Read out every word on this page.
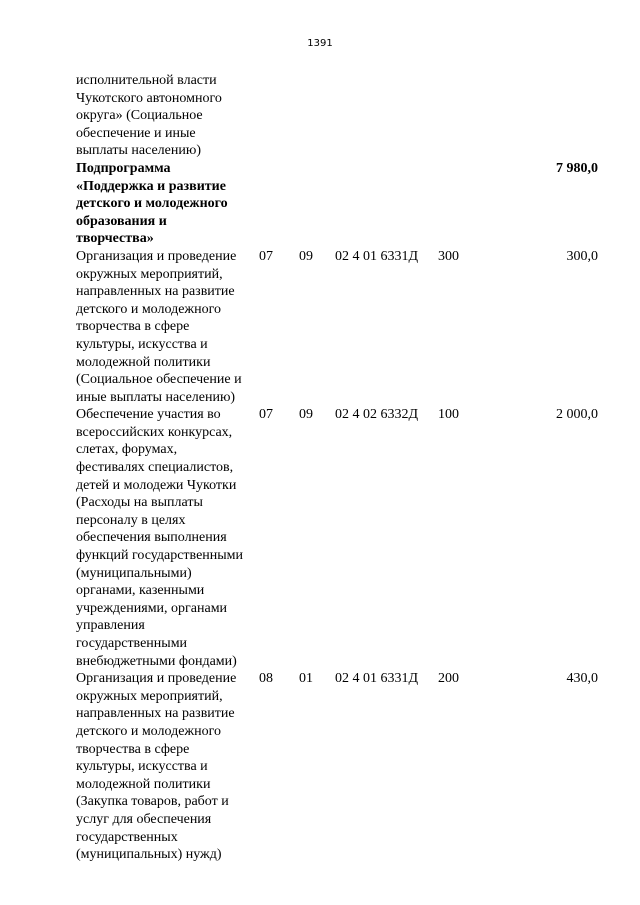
1391
исполнительной власти
Чукотского автономного
округа» (Социальное
обеспечение и иные
выплаты населению)
Подпрограмма
«Поддержка и развитие
детского и молодежного
образования и
творчества»
7 980,0
Организация и проведение
окружных мероприятий,
направленных на развитие
детского и молодежного
творчества в сфере
культуры, искусства и
молодежной политики
(Социальное обеспечение и
иные выплаты населению)
07	09	02 4 01 6331Д	300	300,0
Обеспечение участия во
всероссийских конкурсах,
слетах, форумах,
фестивалях специалистов,
детей и молодежи Чукотки
(Расходы на выплаты
персоналу в целях
обеспечения выполнения
функций государственными
(муниципальными)
органами, казенными
учреждениями, органами
управления
государственными
внебюджетными фондами)
07	09	02 4 02 6332Д	100	2 000,0
Организация и проведение
окружных мероприятий,
направленных на развитие
детского и молодежного
творчества в сфере
культуры, искусства и
молодежной политики
(Закупка товаров, работ и
услуг для обеспечения
государственных
(муниципальных) нужд)
08	01	02 4 01 6331Д	200	430,0
